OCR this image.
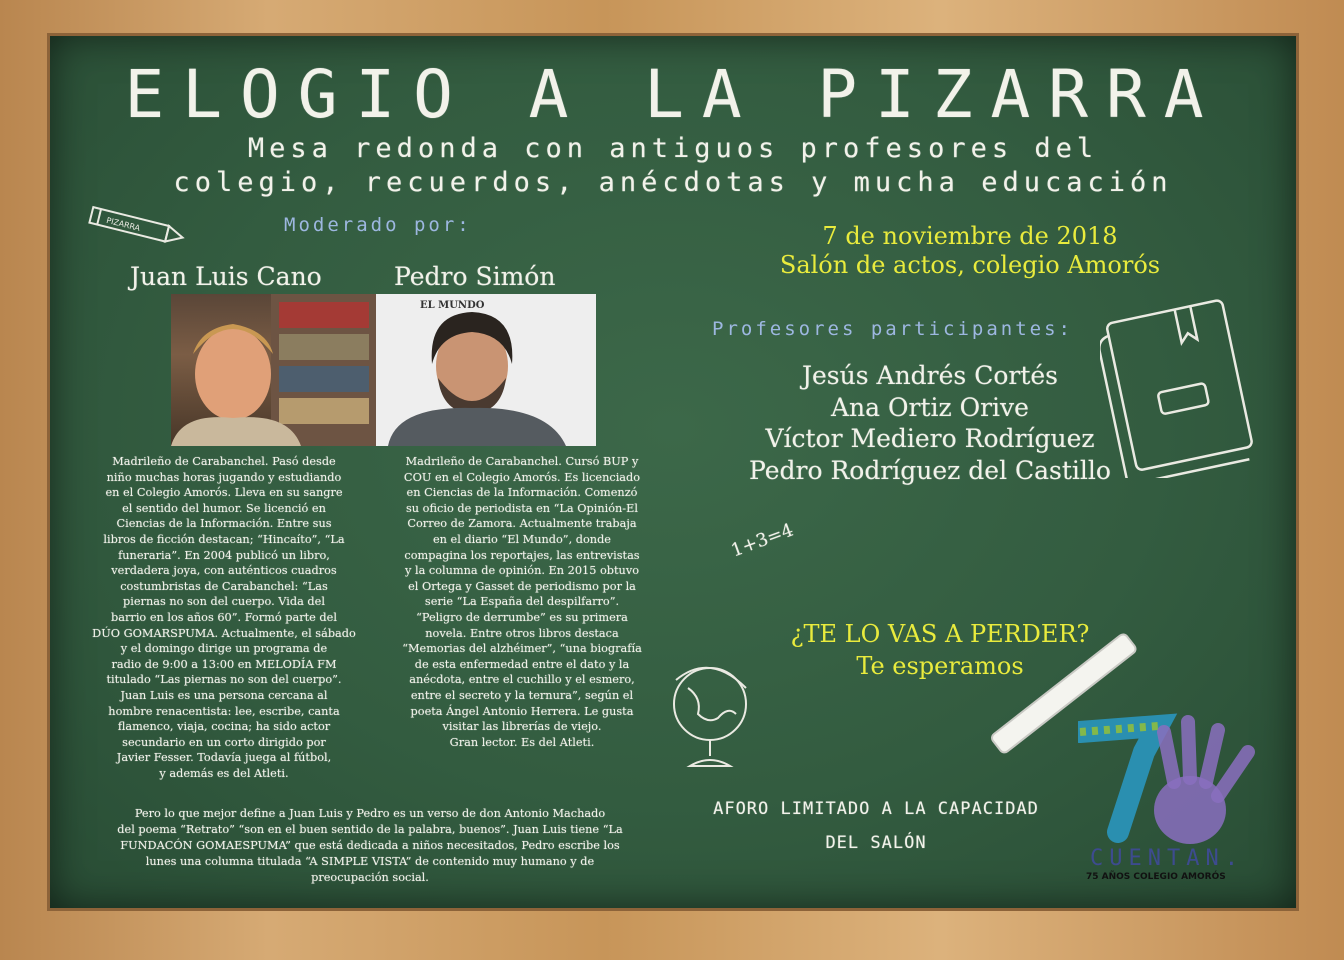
ELOGIO A LA PIZARRA
Mesa redonda con antiguos profesores del
colegio, recuerdos, anécdotas y mucha educación
PIZARRA	Moderado por:
Juan Luis Cano	Pedro Simón
EL MUNDO
Madrileño de Carabanchel. Pasó desde
niño muchas horas jugando y estudiando
en el Colegio Amorós. Lleva en su sangre
el sentido del humor. Se licenció en
Ciencias de la Información. Entre sus
libros de ficción destacan; “Hincaíto”, “La
funeraria”. En 2004 publicó un libro,
verdadera joya, con auténticos cuadros
costumbristas de Carabanchel: “Las
piernas no son del cuerpo. Vida del
barrio en los años 60”. Formó parte del
DÚO GOMARSPUMA. Actualmente, el sábado
y el domingo dirige un programa de
radio de 9:00 a 13:00 en MELODÍA FM
titulado “Las piernas no son del cuerpo”.
Juan Luis es una persona cercana al
hombre renacentista: lee, escribe, canta
flamenco, viaja, cocina; ha sido actor
secundario en un corto dirigido por
Javier Fesser. Todavía juega al fútbol,
y además es del Atleti.
Madrileño de Carabanchel. Cursó BUP y
COU en el Colegio Amorós. Es licenciado
en Ciencias de la Información. Comenzó
su oficio de periodista en “La Opinión-El
Correo de Zamora. Actualmente trabaja
en el diario “El Mundo”, donde
compagina los reportajes, las entrevistas
y la columna de opinión. En 2015 obtuvo
el Ortega y Gasset de periodismo por la
serie “La España del despilfarro”.
“Peligro de derrumbe” es su primera
novela. Entre otros libros destaca
“Memorias del alzhéimer”, “una biografía
de esta enfermedad entre el dato y la
anécdota, entre el cuchillo y el esmero,
entre el secreto y la ternura”, según el
poeta Ángel Antonio Herrera. Le gusta
visitar las librerías de viejo.
Gran lector. Es del Atleti.
Pero lo que mejor define a Juan Luis y Pedro es un verso de don Antonio Machado
del poema “Retrato” “son en el buen sentido de la palabra, buenos”. Juan Luis tiene “La
FUNDACÓN GOMAESPUMA” que está dedicada a niños necesitados, Pedro escribe los
lunes una columna titulada “A SIMPLE VISTA” de contenido muy humano y de
preocupación social.
7 de noviembre de 2018
Salón de actos, colegio Amorós
Profesores participantes:
Jesús Andrés Cortés
Ana Ortiz Orive
Víctor Mediero Rodríguez
Pedro Rodríguez del Castillo
1+3=4
¿TE LO VAS A PERDER?
Te esperamos
AFORO LIMITADO A LA CAPACIDAD
DEL SALÓN
CUENTAN.
75 AÑOS COLEGIO AMORÓS
